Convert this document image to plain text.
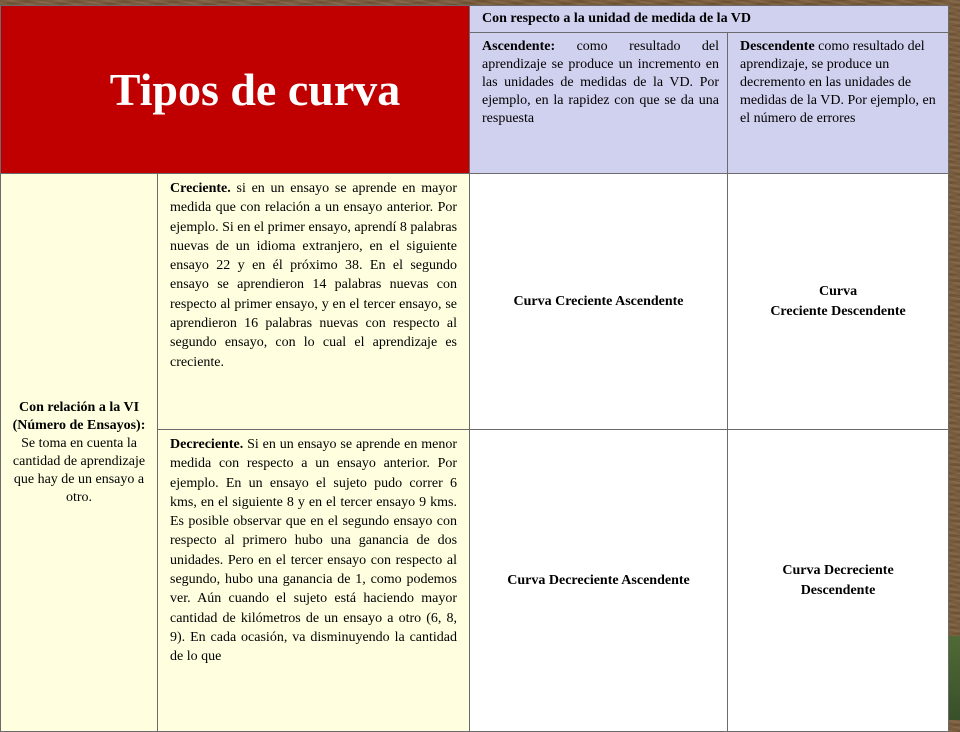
Tipos de curva		Con respecto a la unidad de medida de la VD	
		Ascendente: como resultado del aprendizaje se produce un incremento en las unidades de medidas de la VD. Por ejemplo, en la rapidez con que se da una respuesta	Descendente como resultado del aprendizaje, se produce un decremento en las unidades de medidas de la VD. Por ejemplo, en el número de errores
Con relación a la VI (Número de Ensayos): Se toma en cuenta la cantidad de aprendizaje que hay de un ensayo a otro.	Creciente. si en un ensayo se aprende en mayor medida que con relación a un ensayo anterior. Por ejemplo. Si en el primer ensayo, aprendí 8 palabras nuevas de un idioma extranjero, en el siguiente ensayo 22 y en él próximo 38. En el segundo ensayo se aprendieron 14 palabras nuevas con respecto al primer ensayo, y en el tercer ensayo, se aprendieron 16 palabras nuevas con respecto al segundo ensayo, con lo cual el aprendizaje es creciente.	Curva Creciente Ascendente	Curva
Creciente Descendente

	Decreciente. Si en un ensayo se aprende en menor medida con respecto a un ensayo anterior. Por ejemplo. En un ensayo el sujeto pudo correr 6 kms, en el siguiente 8 y en el tercer ensayo 9 kms. Es posible observar que en el segundo ensayo con respecto al primero hubo una ganancia de dos unidades. Pero en el tercer ensayo con respecto al segundo, hubo una ganancia de 1, como podemos ver. Aún cuando el sujeto está haciendo mayor cantidad de kilómetros de un ensayo a otro (6, 8, 9). En cada ocasión, va disminuyendo la cantidad de lo que	Curva Decreciente Ascendente	Curva Decreciente
Descendente
